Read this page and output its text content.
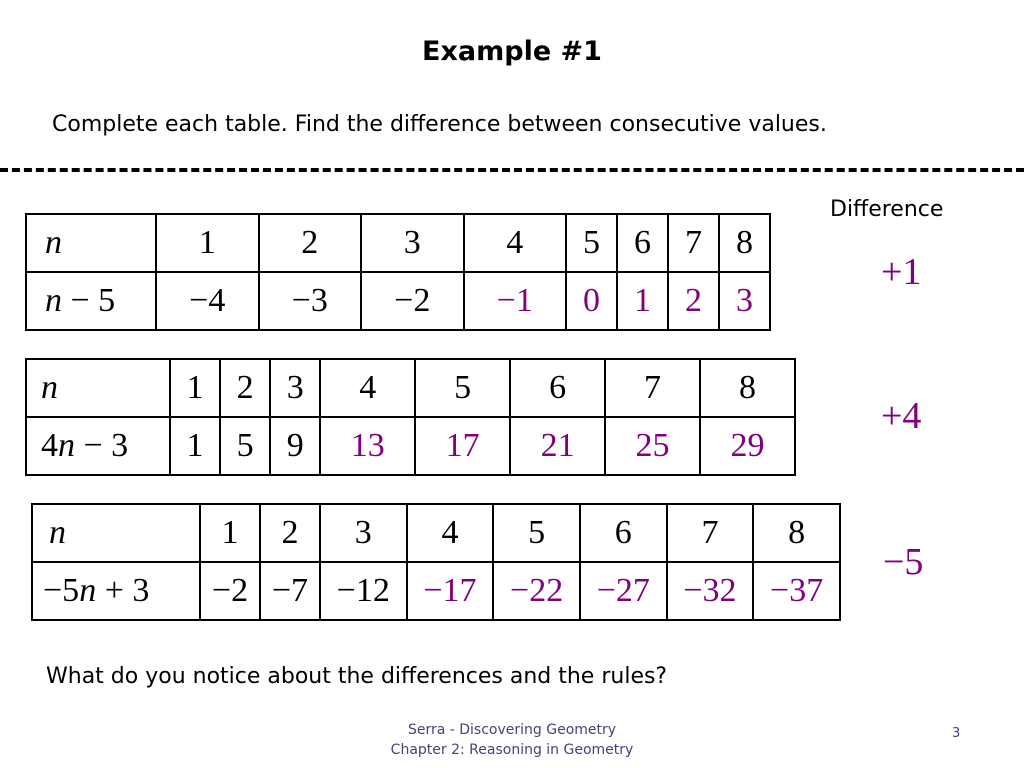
Example #1
Complete each table. Find the difference between consecutive values.
Difference
n	1	2	3	4	5	6	7	8
n − 5	−4	−3	−2	−1	0	1	2	3
+1
n	1	2	3	4	5	6	7	8
4n − 3	1	5	9	13	17	21	25	29
+4
n	1	2	3	4	5	6	7	8
−5n + 3	−2	−7	−12	−17	−22	−27	−32	−37
−5
What do you notice about the differences and the rules?
Serra - Discovering Geometry
Chapter 2: Reasoning in Geometry
3
